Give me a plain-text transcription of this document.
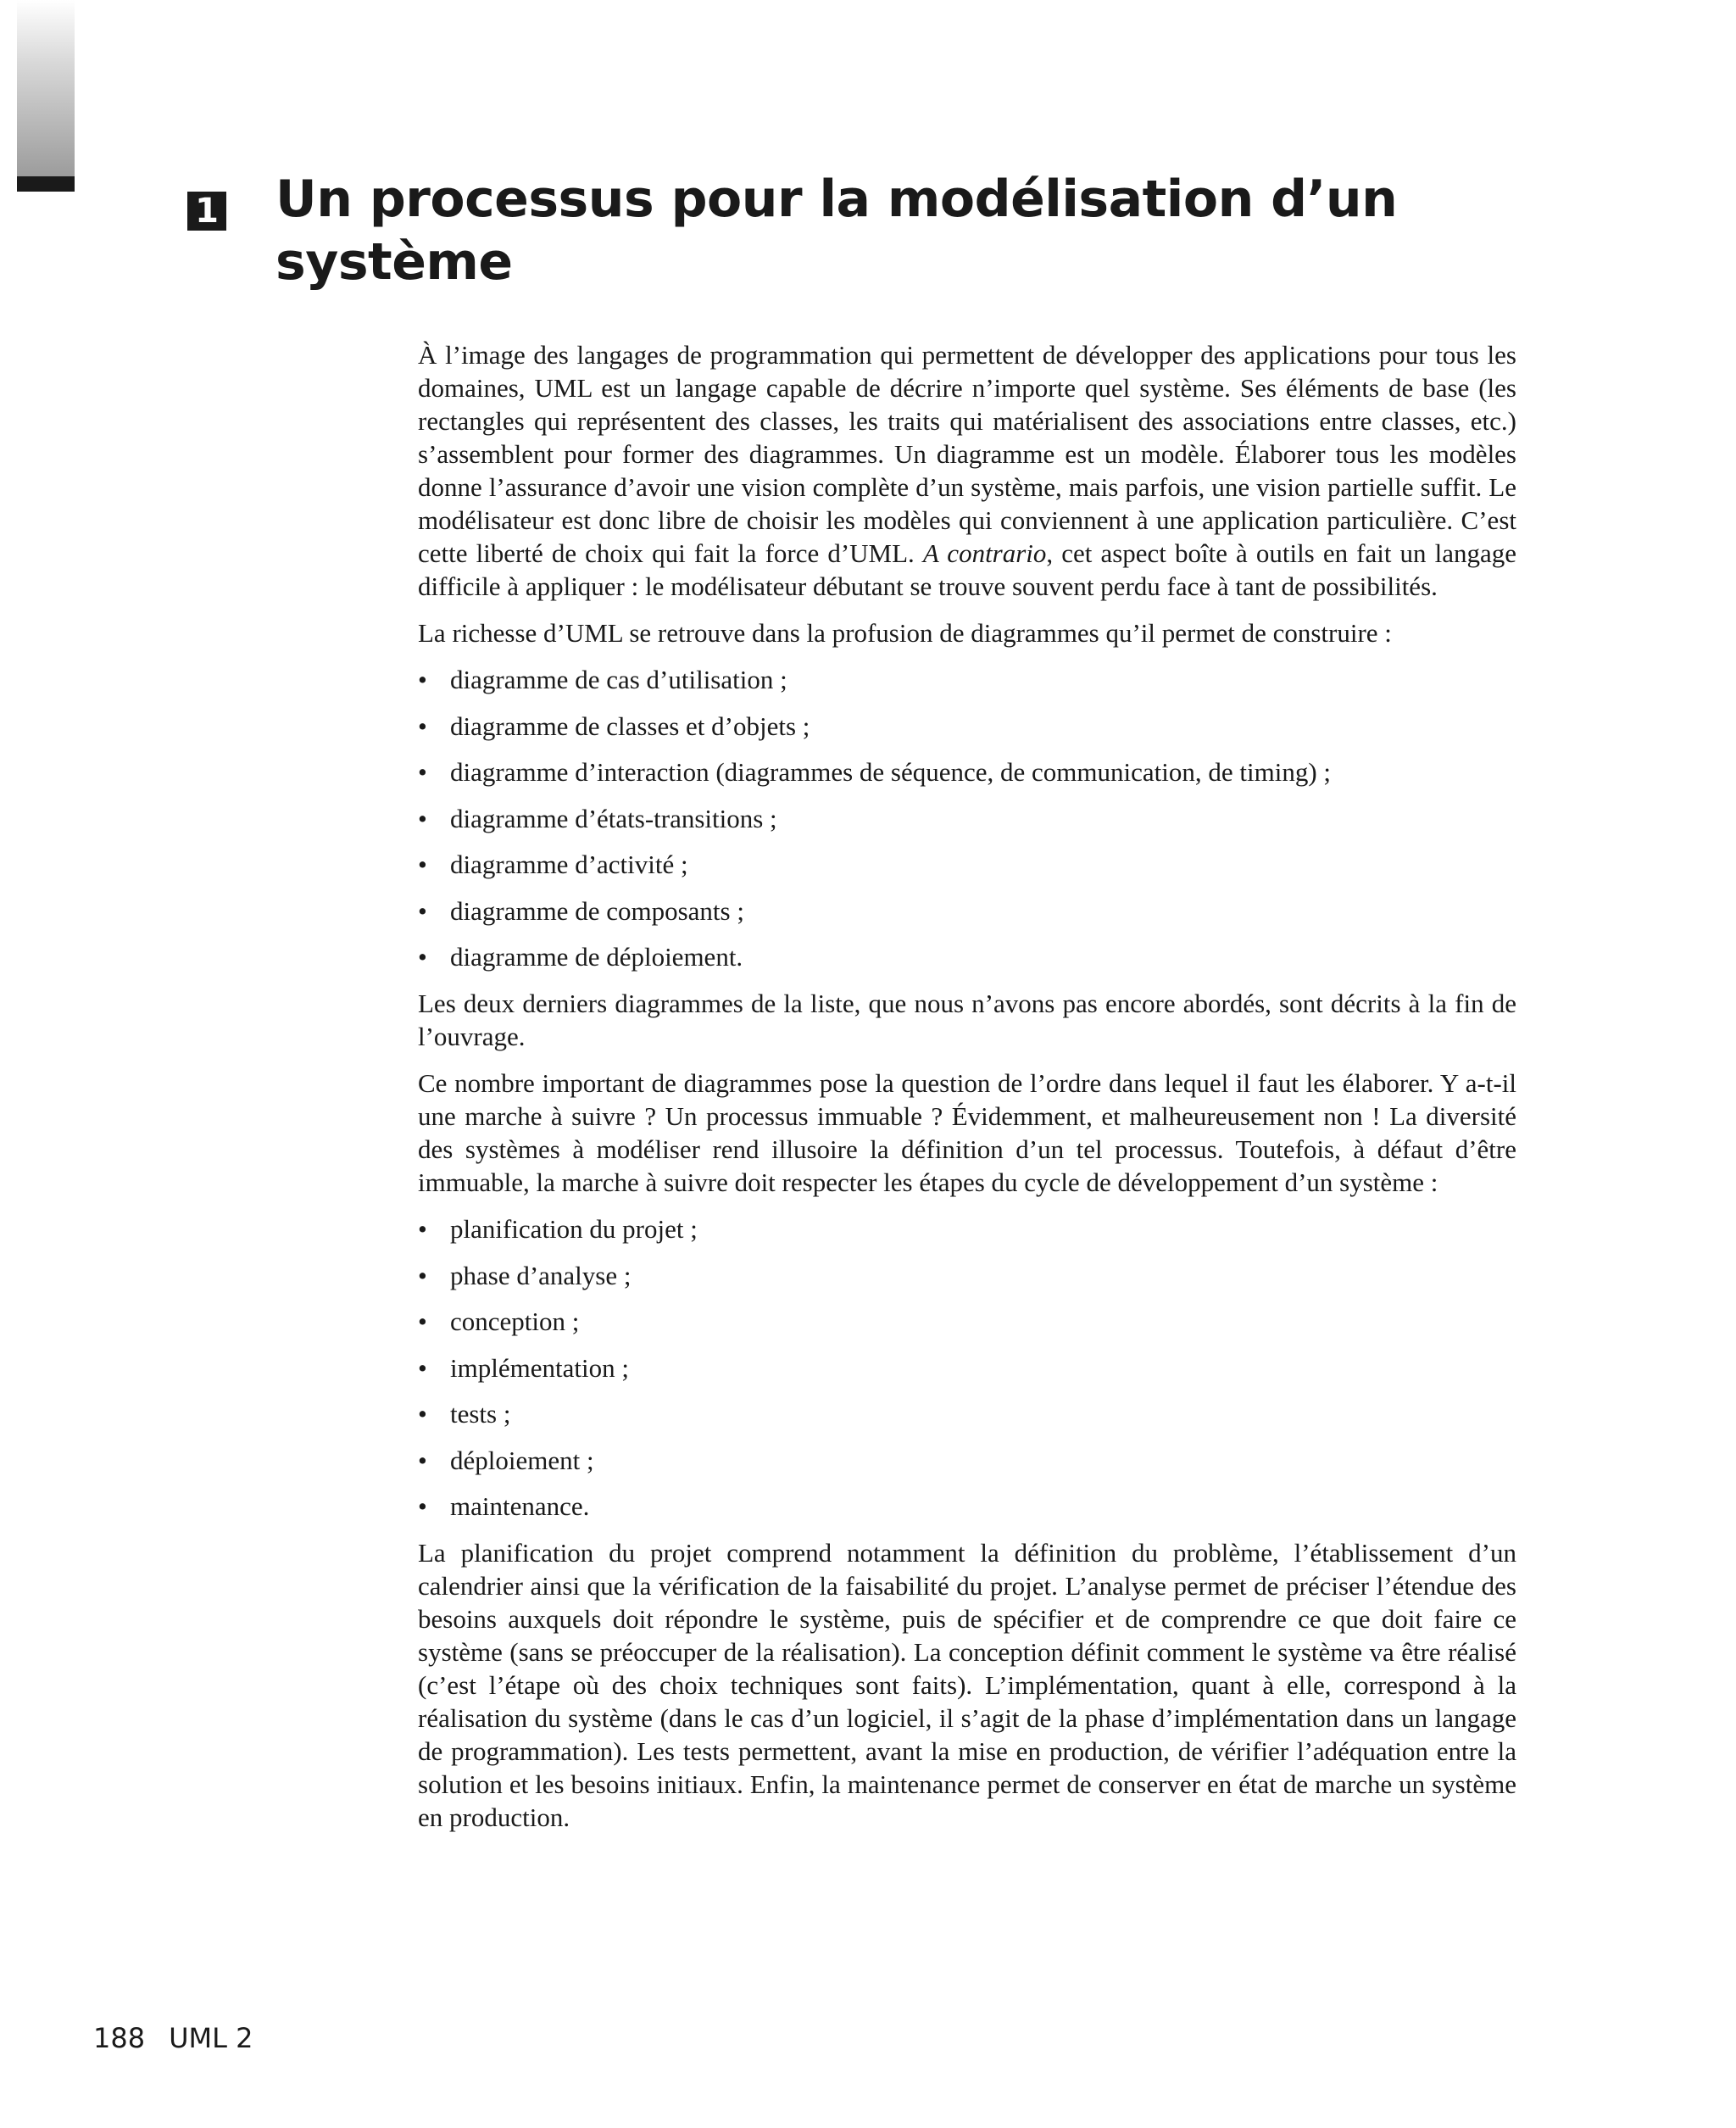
1 Un processus pour la modélisation d’un système

À l’image des langages de programmation qui permettent de développer des applications pour tous les domaines, UML est un langage capable de décrire n’importe quel système. Ses éléments de base (les rectangles qui représentent des classes, les traits qui matérialisent des associations entre classes, etc.) s’assemblent pour former des diagrammes. Un diagramme est un modèle. Élaborer tous les modèles donne l’assurance d’avoir une vision complète d’un système, mais parfois, une vision partielle suffit. Le modélisateur est donc libre de choisir les modèles qui conviennent à une application particulière. C’est cette liberté de choix qui fait la force d’UML. A contrario, cet aspect boîte à outils en fait un langage difficile à appliquer : le modélisateur débutant se trouve souvent perdu face à tant de possibilités.

La richesse d’UML se retrouve dans la profusion de diagrammes qu’il permet de construire :

• diagramme de cas d’utilisation ;
• diagramme de classes et d’objets ;
• diagramme d’interaction (diagrammes de séquence, de communication, de timing) ;
• diagramme d’états-transitions ;
• diagramme d’activité ;
• diagramme de composants ;
• diagramme de déploiement.

Les deux derniers diagrammes de la liste, que nous n’avons pas encore abordés, sont décrits à la fin de l’ouvrage.

Ce nombre important de diagrammes pose la question de l’ordre dans lequel il faut les élaborer. Y a-t-il une marche à suivre ? Un processus immuable ? Évidemment, et malheureusement non ! La diversité des systèmes à modéliser rend illusoire la définition d’un tel processus. Toutefois, à défaut d’être immuable, la marche à suivre doit respecter les étapes du cycle de développement d’un système :

• planification du projet ;
• phase d’analyse ;
• conception ;
• implémentation ;
• tests ;
• déploiement ;
• maintenance.

La planification du projet comprend notamment la définition du problème, l’établissement d’un calendrier ainsi que la vérification de la faisabilité du projet. L’analyse permet de préciser l’étendue des besoins auxquels doit répondre le système, puis de spécifier et de comprendre ce que doit faire ce système (sans se préoccuper de la réalisation). La conception définit comment le système va être réalisé (c’est l’étape où des choix techniques sont faits). L’implémentation, quant à elle, correspond à la réalisation du système (dans le cas d’un logiciel, il s’agit de la phase d’implémentation dans un langage de programmation). Les tests permettent, avant la mise en production, de vérifier l’adéquation entre la solution et les besoins initiaux. Enfin, la maintenance permet de conserver en état de marche un système en production.

188 UML 2
